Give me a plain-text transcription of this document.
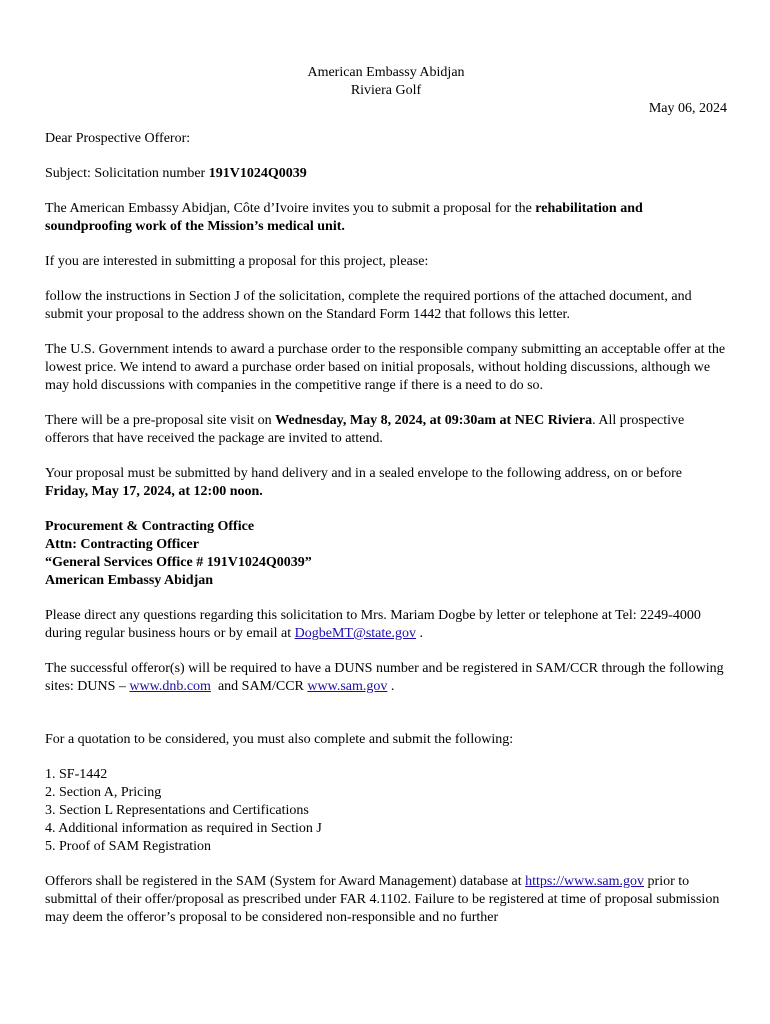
American Embassy Abidjan
Riviera Golf
May 06, 2024

Dear Prospective Offeror:

Subject: Solicitation number 191V1024Q0039

The American Embassy Abidjan, Côte d’Ivoire invites you to submit a proposal for the rehabilitation and soundproofing work of the Mission’s medical unit.

If you are interested in submitting a proposal for this project, please:

follow the instructions in Section J of the solicitation, complete the required portions of the attached document, and submit your proposal to the address shown on the Standard Form 1442 that follows this letter.

The U.S. Government intends to award a purchase order to the responsible company submitting an acceptable offer at the lowest price. We intend to award a purchase order based on initial proposals, without holding discussions, although we may hold discussions with companies in the competitive range if there is a need to do so.

There will be a pre-proposal site visit on Wednesday, May 8, 2024, at 09:30am at NEC Riviera. All prospective offerors that have received the package are invited to attend.

Your proposal must be submitted by hand delivery and in a sealed envelope to the following address, on or before Friday, May 17, 2024, at 12:00 noon.

Procurement & Contracting Office
Attn: Contracting Officer
“General Services Office # 191V1024Q0039”
American Embassy Abidjan

Please direct any questions regarding this solicitation to Mrs. Mariam Dogbe by letter or telephone at Tel: 2249-4000 during regular business hours or by email at DogbeMT@state.gov .

The successful offeror(s) will be required to have a DUNS number and be registered in SAM/CCR through the following sites: DUNS – www.dnb.com  and SAM/CCR www.sam.gov .

For a quotation to be considered, you must also complete and submit the following:

1. SF-1442
2. Section A, Pricing
3. Section L Representations and Certifications
4. Additional information as required in Section J
5. Proof of SAM Registration

Offerors shall be registered in the SAM (System for Award Management) database at https://www.sam.gov prior to submittal of their offer/proposal as prescribed under FAR 4.1102. Failure to be registered at time of proposal submission may deem the offeror’s proposal to be considered non-responsible and no further
